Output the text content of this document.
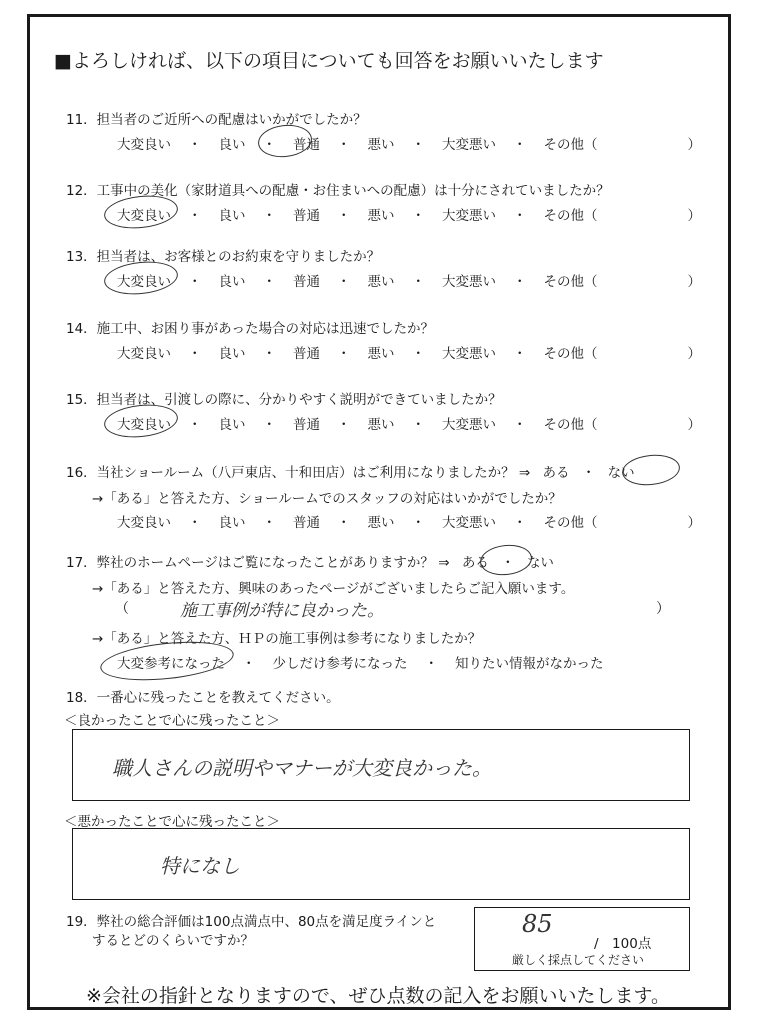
■よろしければ、以下の項目についても回答をお願いいたします
11．担当者のご近所への配慮はいかがでしたか？
大変良い ・ 良い ・ 普通 ・ 悪い ・ 大変悪い ・ その他（	）
12．工事中の美化（家財道具への配慮・お住まいへの配慮）は十分にされていましたか？
大変良い ・ 良い ・ 普通 ・ 悪い ・ 大変悪い ・ その他（	）
13．担当者は、お客様とのお約束を守りましたか？
大変良い ・ 良い ・ 普通 ・ 悪い ・ 大変悪い ・ その他（	）
14．施工中、お困り事があった場合の対応は迅速でしたか？
大変良い ・ 良い ・ 普通 ・ 悪い ・ 大変悪い ・ その他（	）
15．担当者は、引渡しの際に、分かりやすく説明ができていましたか？
大変良い ・ 良い ・ 普通 ・ 悪い ・ 大変悪い ・ その他（	）
16．当社ショールーム（八戸東店、十和田店）はご利用になりましたか？ ⇒ ある ・ ない
→「ある」と答えた方、ショールームでのスタッフの対応はいかがでしたか？
大変良い ・ 良い ・ 普通 ・ 悪い ・ 大変悪い ・ その他（	）
17．弊社のホームページはご覧になったことがありますか？ ⇒ ある ・ ない
→「ある」と答えた方、興味のあったページがございましたらご記入願います。
（	施工事例が特に良かった。	）
→「ある」と答えた方、ＨＰの施工事例は参考になりましたか？
大変参考になった ・ 少しだけ参考になった ・ 知りたい情報がなかった
18．一番心に残ったことを教えてください。
＜良かったことで心に残ったこと＞
職人さんの説明やマナーが大変良かった。
＜悪かったことで心に残ったこと＞
特になし
19．弊社の総合評価は100点満点中、80点を満足度ラインと
するとどのくらいですか？
85
/　100点
厳しく採点してください
※会社の指針となりますので、ぜひ点数の記入をお願いいたします。
